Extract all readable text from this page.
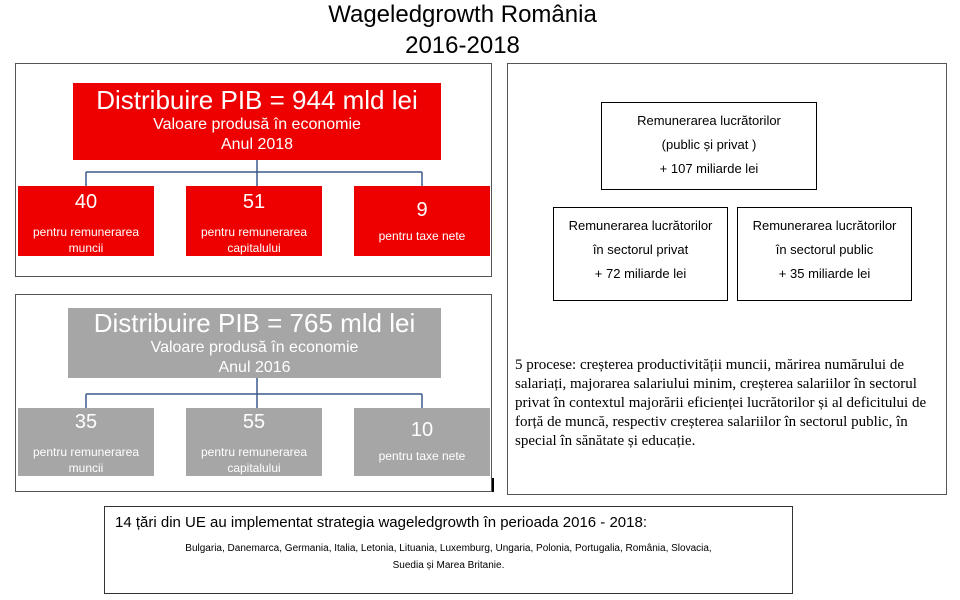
Wageledgrowth România
2016-2018
Distribuire PIB = 944 mld lei
Valoare produsă în economie
Anul 2018
40
pentru remunerarea
muncii
51
pentru remunerarea
capitalului
9
pentru taxe nete
Distribuire PIB = 765 mld lei
Valoare produsă în economie
Anul 2016
35
pentru remunerarea
muncii
55
pentru remunerarea
capitalului
10
pentru taxe nete
Remunerarea lucrătorilor
(public și privat )
+ 107 miliarde lei
Remunerarea lucrătorilor
în sectorul privat
+ 72 miliarde lei
Remunerarea lucrătorilor
în sectorul public
+ 35 miliarde lei
5 procese: creșterea productivității muncii, mărirea numărului de salariați, majorarea salariului minim, creșterea salariilor în sectorul privat în contextul majorării eficienței lucrătorilor și al deficitului de forță de muncă, respectiv creșterea salariilor în sectorul public, în special în sănătate și educație.
14 țări din UE au implementat strategia wageledgrowth în perioada 2016 - 2018:
Bulgaria, Danemarca, Germania, Italia, Letonia, Lituania, Luxemburg, Ungaria, Polonia, Portugalia, România, Slovacia,
Suedia și Marea Britanie.
